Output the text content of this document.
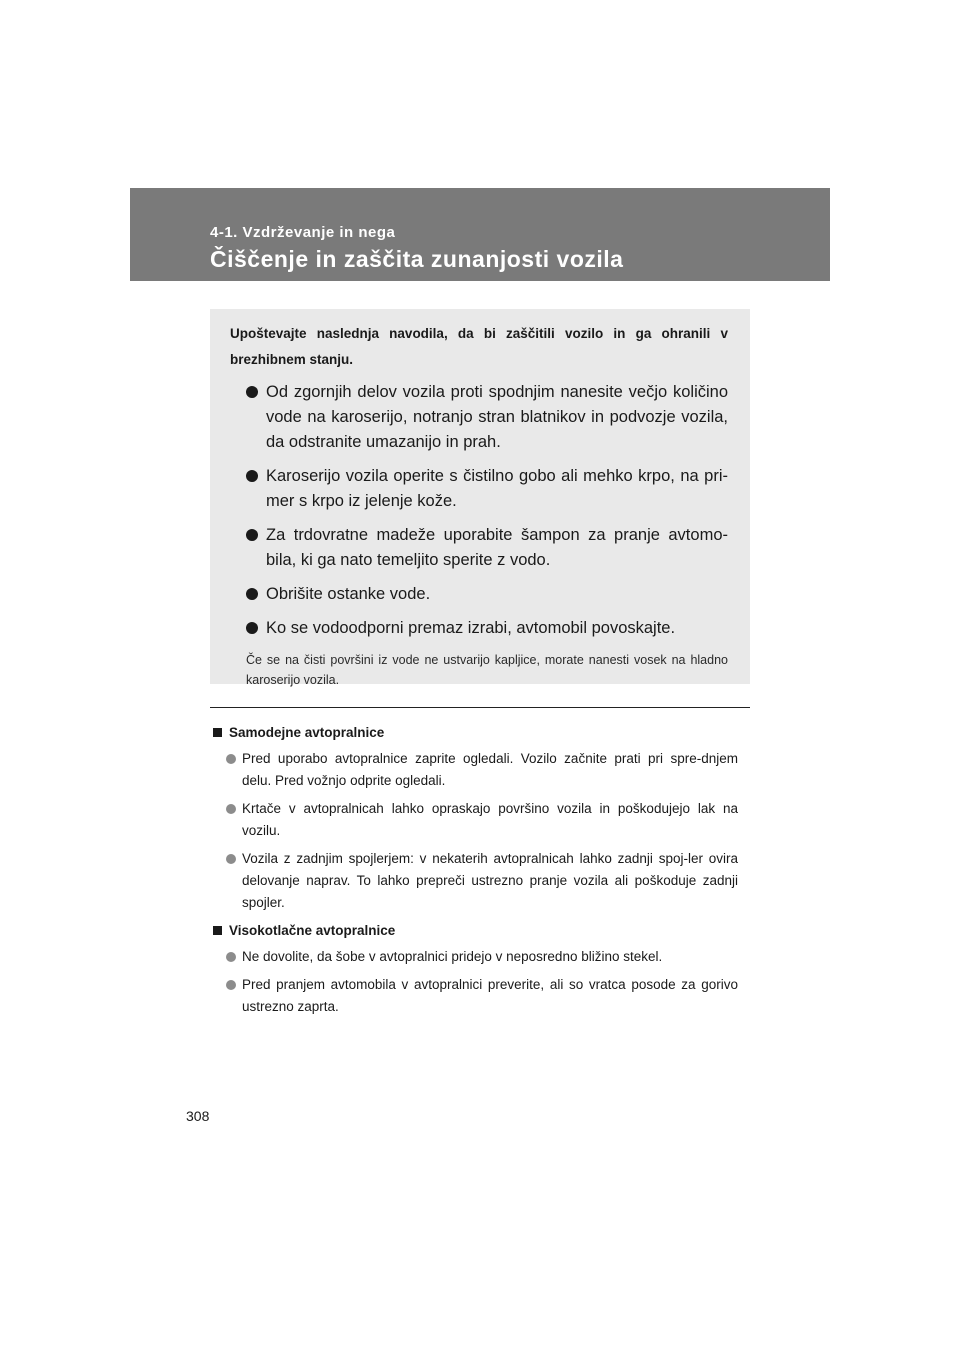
4-1. Vzdrževanje in nega
Čiščenje in zaščita zunanjosti vozila

Upoštevajte naslednja navodila, da bi zaščitili vozilo in ga ohranili v brezhibnem stanju.

Od zgornjih delov vozila proti spodnjim nanesite večjo količino vode na karoserijo, notranjo stran blatnikov in podvozje vozila, da odstranite umazanijo in prah.
Karoserijo vozila operite s čistilno gobo ali mehko krpo, na pri-mer s krpo iz jelenje kože.
Za trdovratne madeže uporabite šampon za pranje avtomo-bila, ki ga nato temeljito sperite z vodo.
Obrišite ostanke vode.
Ko se vodoodporni premaz izrabi, avtomobil povoskajte.

Če se na čisti površini iz vode ne ustvarijo kapljice, morate nanesti vosek na hladno karoserijo vozila.

Samodejne avtopralnice
Pred uporabo avtopralnice zaprite ogledali. Vozilo začnite prati pri spre-dnjem delu. Pred vožnjo odprite ogledali.
Krtače v avtopralnicah lahko opraskajo površino vozila in poškodujejo lak na vozilu.
Vozila z zadnjim spojlerjem: v nekaterih avtopralnicah lahko zadnji spoj-ler ovira delovanje naprav. To lahko prepreči ustrezno pranje vozila ali poškoduje zadnji spojler.
Visokotlačne avtopralnice
Ne dovolite, da šobe v avtopralnici pridejo v neposredno bližino stekel.
Pred pranjem avtomobila v avtopralnici preverite, ali so vratca posode za gorivo ustrezno zaprta.
308
